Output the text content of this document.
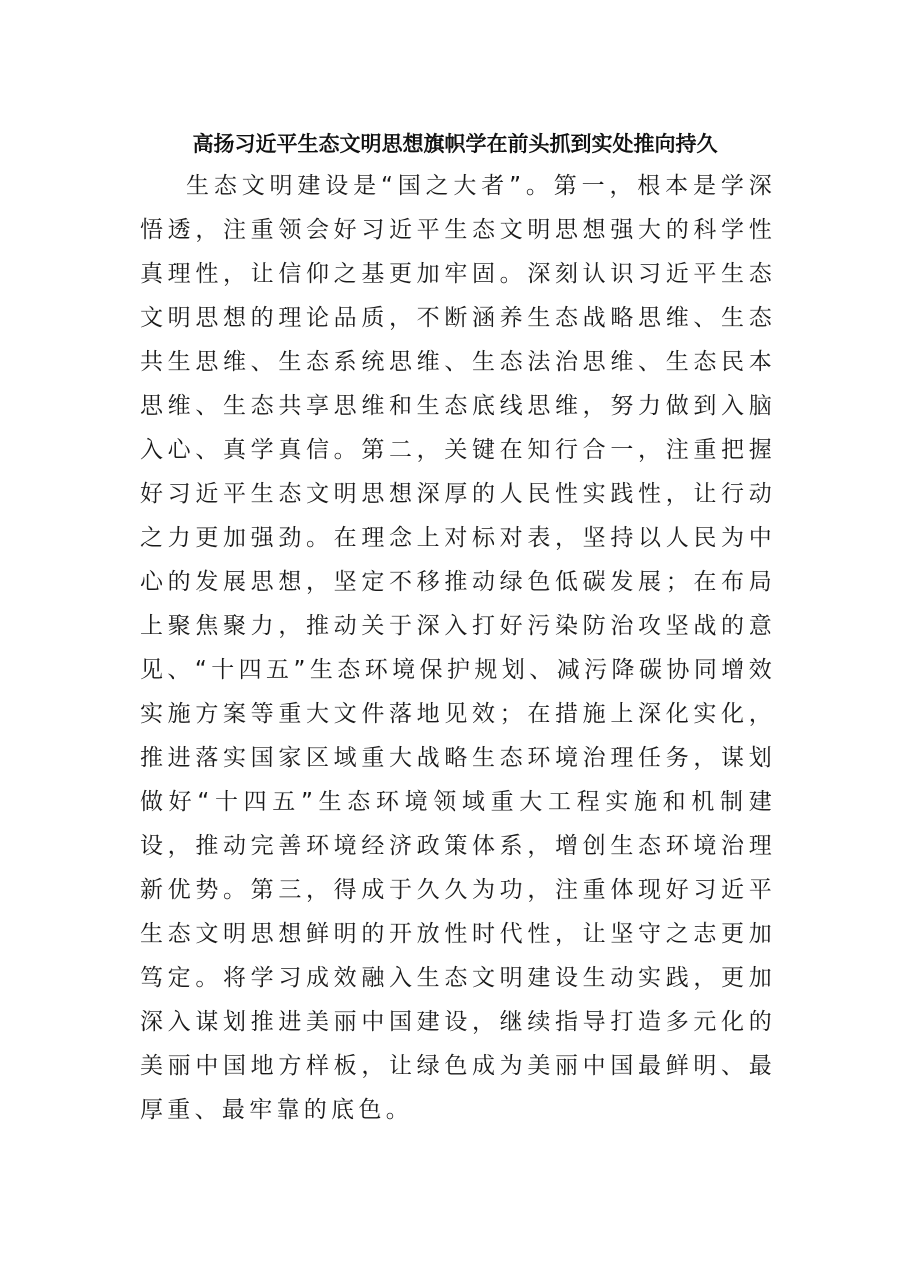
高扬习近平生态文明思想旗帜学在前头抓到实处推向持久

生态文明建设是“国之大者”。第一，根本是学深悟透，注重领会好习近平生态文明思想强大的科学性真理性，让信仰之基更加牢固。深刻认识习近平生态文明思想的理论品质，不断涵养生态战略思维、生态共生思维、生态系统思维、生态法治思维、生态民本思维、生态共享思维和生态底线思维，努力做到入脑入心、真学真信。第二，关键在知行合一，注重把握好习近平生态文明思想深厚的人民性实践性，让行动之力更加强劲。在理念上对标对表，坚持以人民为中心的发展思想，坚定不移推动绿色低碳发展；在布局上聚焦聚力，推动关于深入打好污染防治攻坚战的意见、“十四五”生态环境保护规划、减污降碳协同增效实施方案等重大文件落地见效；在措施上深化实化，推进落实国家区域重大战略生态环境治理任务，谋划做好“十四五”生态环境领域重大工程实施和机制建设，推动完善环境经济政策体系，增创生态环境治理新优势。第三，得成于久久为功，注重体现好习近平生态文明思想鲜明的开放性时代性，让坚守之志更加笃定。将学习成效融入生态文明建设生动实践，更加深入谋划推进美丽中国建设，继续指导打造多元化的美丽中国地方样板，让绿色成为美丽中国最鲜明、最厚重、最牢靠的底色。
